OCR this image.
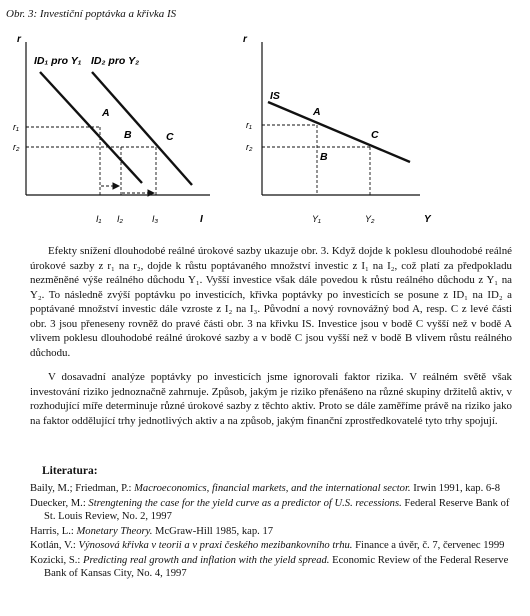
Obr. 3: Investiční poptávka a křivka IS
r
I
ID₁ pro Y₁ ID₂ pro Y₂
A
B	C
r₁
r₂
I₁ I₂	I₃
r
Y
IS
A
B
C
r₁
r₂
Y₁	Y₂

Efekty snížení dlouhodobé reálné úrokové sazby ukazuje obr. 3. Když dojde k poklesu dlouhodobé reálné úrokové sazby z r₁ na r₂, dojde k růstu poptávaného množství investic z I₁ na I₂, což platí za předpokladu nezměněné výše reálného důchodu Y₁. Vyšší investice však dále povedou k růstu reálného důchodu z Y₁ na Y₂. To následně zvýší poptávku po investicích, křivka poptávky po investicích se posune z ID₁ na ID₂ a poptávané množství investic dále vzroste z I₂ na I₃. Původní a nový rovnovážný bod A, resp. C z levé části obr. 3 jsou přeneseny rovněž do pravé části obr. 3 na křivku IS. Investice jsou v bodě C vyšší než v bodě A vlivem poklesu dlouhodobé reálné úrokové sazby a v bodě C jsou vyšší než v bodě B vlivem růstu reálného důchodu.

V dosavadní analýze poptávky po investicích jsme ignorovali faktor rizika. V reálném světě však investování riziko jednoznačně zahrnuje. Způsob, jakým je riziko přenášeno na různé skupiny držitelů aktiv, v rozhodující míře determinuje různé úrokové sazby z těchto aktiv. Proto se dále zaměříme právě na riziko jako na faktor oddělující trhy jednotlivých aktiv a na způsob, jakým finanční zprostředkovatelé tyto trhy spojují.

Literatura:

Baily, M.; Friedman, P.: Macroeconomics, financial markets, and the international sector. Irwin 1991, kap. 6-8

Duecker, M.: Strengtening the case for the yield curve as a predictor of U.S. recessions. Federal Reserve Bank of St. Louis Review, No. 2, 1997

Harris, L.: Monetary Theory. McGraw-Hill 1985, kap. 17

Kotlán, V.: Výnosová křivka v teorii a v praxi českého mezibankovního trhu. Finance a úvěr, č. 7, červenec 1999

Kozicki, S.: Predicting real growth and inflation with the yield spread. Economic Review of the Federal Reserve Bank of Kansas City, No. 4, 1997
